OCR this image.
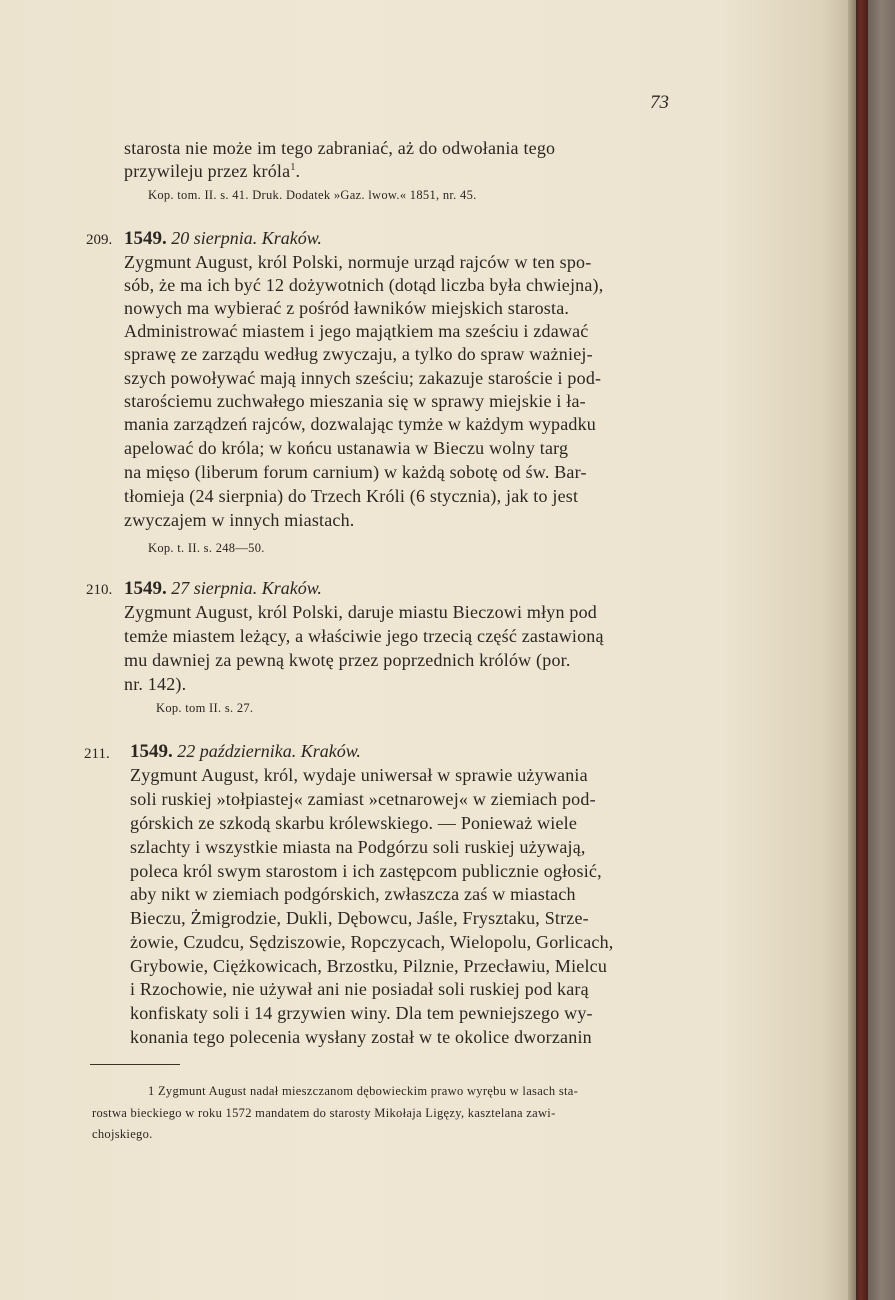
73
starosta nie może im tego zabraniać, aż do odwołania tego
przywileju przez króla$^1$.
Kop. tom. II. s. 41. Druk. Dodatek »Gaz. lwow.« 1851, nr. 45.
209. 1549. 20 sierpnia. Kraków.
Zygmunt August, król Polski, normuje urząd rajców w ten spo-
sób, że ma ich być 12 dożywotnich (dotąd liczba była chwiejna),
nowych ma wybierać z pośród ławników miejskich starosta.
Administrować miastem i jego majątkiem ma sześciu i zdawać
sprawę ze zarządu według zwyczaju, a tylko do spraw ważniej-
szych powoływać mają innych sześciu; zakazuje staroście i pod-
starościemu zuchwałego mieszania się w sprawy miejskie i ła-
mania zarządzeń rajców, dozwalając tymże w każdym wypadku
apelować do króla; w końcu ustanawia w Bieczu wolny targ
na mięso (liberum forum carnium) w każdą sobotę od św. Bar-
tłomieja (24 sierpnia) do Trzech Króli (6 stycznia), jak to jest
zwyczajem w innych miastach.
Kop. t. II. s. 248—50.
210. 1549. 27 sierpnia. Kraków.
Zygmunt August, król Polski, daruje miastu Bieczowi młyn pod
temże miastem leżący, a właściwie jego trzecią część zastawioną
mu dawniej za pewną kwotę przez poprzednich królów (por.
nr. 142).
Kop. tom II. s. 27.
211. 1549. 22 października. Kraków.
Zygmunt August, król, wydaje uniwersał w sprawie używania
soli ruskiej »tołpiastej« zamiast »cetnarowej« w ziemiach pod-
górskich ze szkodą skarbu królewskiego. — Ponieważ wiele
szlachty i wszystkie miasta na Podgórzu soli ruskiej używają,
poleca król swym starostom i ich zastępcom publicznie ogłosić,
aby nikt w ziemiach podgórskich, zwłaszcza zaś w miastach
Bieczu, Żmigrodzie, Dukli, Dębowcu, Jaśle, Frysztaku, Strze-
żowie, Czudcu, Sędziszowie, Ropczycach, Wielopolu, Gorlicach,
Grybowie, Ciężkowicach, Brzostku, Pilznie, Przecławiu, Mielcu
i Rzochowie, nie używał ani nie posiadał soli ruskiej pod karą
konfiskaty soli i 14 grzywien winy. Dla tem pewniejszego wy-
konania tego polecenia wysłany został w te okolice dworzanin
1 Zygmunt August nadał mieszczanom dębowieckim prawo wyrębu w lasach sta-
rostwa bieckiego w roku 1572 mandatem do starosty Mikołaja Ligęzy, kasztelana zawi-
chojskiego.
